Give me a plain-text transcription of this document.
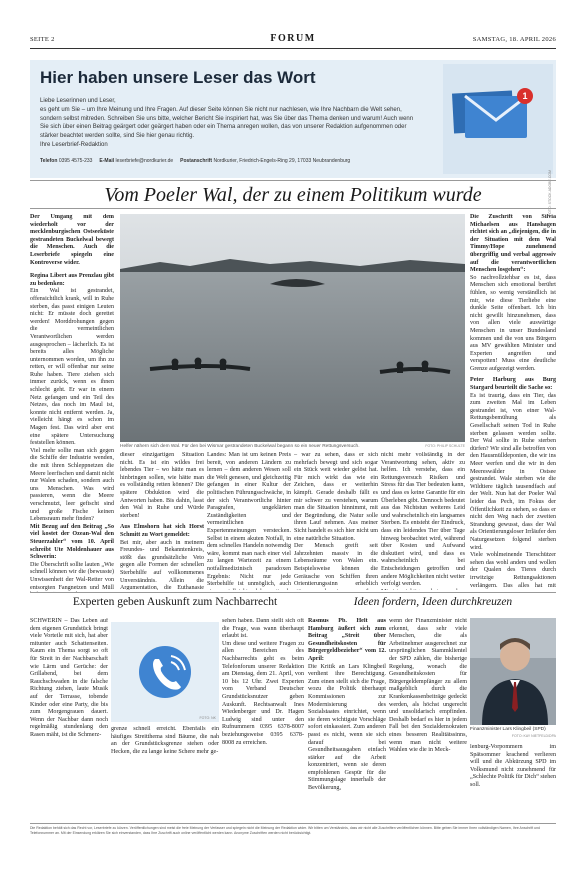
SEITE 2	FORUM	SAMSTAG, 18. APRIL 2026
Hier haben unsere Leser das Wort

Liebe Leserinnen und Leser,

es geht um Sie – um Ihre Meinung und Ihre Fragen. Auf dieser Seite können Sie nicht nur nachlesen, wie Ihre Nachbarn die Welt sehen, sondern selbst mitreden. Schreiben Sie uns bitte, welcher Bericht Sie inspiriert hat, was Sie über das Thema denken und warum! Auch wenn Sie sich über einen Beitrag geärgert oder geärgert haben oder ein Thema anregen wollen, das von unserer Redaktion aufgenommen oder stärker beachtet werden sollte, sind Sie hier genau richtig.

Ihre Leserbrief-Redaktion

Telefon 0395 4575-233 E-Mail leserbriefe@nordkurier.de Postanschrift Nordkurier, Friedrich-Engels-Ring 29, 17033 Neubrandenburg
1
FOTO: STOCK.ADOBE.COM
Vom Poeler Wal, der zu einem Politikum wurde

Der Umgang mit dem wiederholt vor der mecklenburgischen Ostseeküste gestrandeten Buckelwal bewegt die Menschen. Auch die Leserbriefe spiegeln eine Kontroverse wider.

Regina Libert aus Prenzlau gibt zu bedenken:

Ein Wal ist gestrandet, offensichtlich krank, will in Ruhe sterben, das passt einigen Leuten nicht: Er müsste doch gerettet werden! Morddrohungen gegen die vermeintlichen Verantwortlichen werden ausgesprochen – lächerlich. Es ist bereits alles Mögliche unternommen worden, um ihn zu retten, er will offenbar nur seine Ruhe haben. Tiere ziehen sich immer zurück, wenn es ihnen schlecht geht. Er war in einem Netz gefangen und ein Teil des Netzes, das noch im Maul ist, konnte nicht entfernt werden. Ja, vielleicht hängt es schon im Magen fest. Das wird aber erst eine spätere Untersuchung feststellen können.

Viel mehr sollte man sich gegen die Schiffe der Industrie wenden, die mit ihren Schleppnetzen die Meere leerfischen und damit nicht nur Walen schaden, sondern auch uns Menschen. Was wird passieren, wenn die Meere verschmutzt, leer gefischt sind und große Fische keinen Lebensraum mehr finden?

Mit Bezug auf den Beitrag „So viel kostet der Ozean-Wal den Steuerzahler“ vom 10. April schreibt Ute Moldenhauer aus Schwerin:

Die Überschrift sollte lauten „Wie schnell können wir die (bewusste) Unwissenheit der Wal-Retter von entsorgten Fangnetzen und Müll

Helfer nähern sich dem Wal. Für den bei Wismar gestrandeten Buckelwal begann so ein neuer Rettungsversuch.	FOTO: PHILIP SCHULTE

dieser einzigartigen Situation nicht. Es ist ein wildes frei lebendes Tier – wo hätte man es hinbringen sollen, wie hätte man es vollständig retten können? Die spätere Obduktion wird die Antworten haben. Bis dahin, lasst den Wal in Ruhe und Würde sterben!

Aus Elmshorn hat sich Horst Schmitt zu Wort gemeldet:

Bei mir, aber auch in meinem Freundes- und Bekanntenkreis, stößt das grundsätzliche Veto gegen alle Formen der schnellen Sterbehilfe auf vollkommenes Unverständnis. Allein die Argumentation, die Euthanasie

Landes: Man ist um keinen Preis bereit, von anderen Ländern zu lernen – dem anderen Wesen soll die Welt genesen, und gleichzeitig gefangen in einer Kultur der politischen Führungsschwäche, in der sich Verantwortliche hinter Paragrafen, ungeklärten Zuständigkeiten und vermeintlichen Expertenmeinungen verstecken. Selbst in einem akuten Notfall, in dem schnelles Handeln notwendig wäre, kommt man nach einer viel zu langen Wartezeit zu einem notfallmedizinisch paradoxen Ergebnis: Nicht nur jede Sterbehilfe ist unmöglich, auch

– war zu sehen, dass er sich mehrfach bewegt und sich sogar ein Stück weit wieder gelöst hat. Für mich wirkt das wie ein Zeichen, dass er weiterhin kämpft. Gerade deshalb fällt es mir schwer zu verstehen, warum man die Situation hinnimmt, mit der Begründung, die Natur solle ihren Lauf nehmen. Aus meiner Sicht handelt es sich hier nicht um eine natürliche Situation.

Der Mensch greift seit Jahrzehnten massiv in die Lebensräume von Walen ein. Beispielsweise können die Geräusche von Schiffen ihren Orientierungssinn erheblich

nicht mehr vollständig in der Verantwortung sehen, aktiv zu helfen. Ich verstehe, dass ein Rettungsversuch Risiken und Stress für das Tier bedeuten kann, und dass es keine Garantie für ein Überleben gibt. Dennoch bedeutet aus das Nichtstun weiteres Leid und wahrscheinlich ein langsames Sterben. Es entsteht der Eindruck, dass ein leidendes Tier über Tage hinweg beobachtet wird, während über Kosten und Aufwand diskutiert wird, und dass es wahrscheinlich bei Entscheidungen getroffen und andere Möglichkeiten nicht weiter verfolgt werden.

Die Zuschrift von Silvia Michaelsen aus Hanshagen richtet sich an „diejenigen, die in der Situation mit dem Wal Timmy/Hope zunehmend übergriffig und verbal aggressiv auf die verantwortlichen Menschen losgehen“:

So nachvollziehbar es ist, dass Menschen sich emotional berührt fühlen, so wenig verständlich ist mir, wie diese Tierliebe eine dunkle Seite offenbart. Ich bin nicht gewillt hinzunehmen, dass von allen viele auswärtige Menschen in unser Bundesland kommen und die von uns Bürgern aus MV gewählten Minister und Experten angreifen und verspotten! Muss eine deutliche Grenze aufgezeigt werden.

Peter Harburg aus Burg Stargard beurteilt die Sache so:

Es ist traurig, dass ein Tier, das zum zweiten Mal im Leben gestrandet ist, von einer Wal-Rettungsbemühung als Gesellschaft seinen Tod in Ruhe sterben gelassen werden sollte. Der Wal sollte in Ruhe sterben dürfen? Wir sind alle betroffen von den Hausmülldeponien, die wir ins Meer werfen und die wir in den Meereswälder in Ostsee gestrandet. Wale sterben wie die Wildtiere täglich tausendfach auf der Welt. Nun hat der Poeler Wal leider das Pech, im Fokus der Öffentlichkeit zu stehen, so dass er nicht den Weg nach der zweiten Strandung gewusst, dass der Wal als Orientierungsloser Irrläufer den Naturgesetzen folgend sterben wird.

Viele wohlmeinende Tierschützer sehen das wohl anders und wollen der Qualen des Tieres durch irrwitzige Rettungsaktionen verlängern. Das alles hat mit

Experten geben Auskunft zum Nachbarrecht

SCHWERIN – Das Leben auf dem eigenen Grundstück bringt viele Vorteile mit sich, hat aber mitunter auch Schattenseiten. Kaum ein Thema sorgt so oft für Streit in der Nachbarschaft wie Lärm und Gerüche: der Grillabend, bei dem Rauchschwaden in die falsche Richtung ziehen, laute Musik auf der Terrasse, tobende Kinder oder eine Party, die bis zum Morgengrauen dauert. Wenn der Nachbar dann noch regelmäßig stundenlang den Rasen mäht, ist die Schmerz-

FOTO: NK

grenze schnell erreicht. Ebenfalls ein häufiges Streitthema sind Bäume, die nah an der Grundstücksgrenze stehen oder Hecken, die zu lange keine Schere mehr ge-

sehen haben. Dann stellt sich oft die Frage, was wann überhaupt erlaubt ist.

Um diese und weitere Fragen zu allen Bereichen des Nachbarrechts geht es beim Telefonforum unserer Redaktion am Dienstag, dem 21. April, von 10 bis 12 Uhr. Zwei Experten vom Verband Deutscher Grundstücksnutzer geben Auskunft. Rechtsanwalt Ines Wiedenberger und Dr. Hagen Ludwig sind unter den Rufnummern 0395 6378-8007 beziehungsweise 0395 6378-8008 zu erreichen.

Ideen fordern, Ideen durchkreuzen

Rasmus Pb. Helt aus Hamburg äußert sich zum Beitrag „Streit über Gesundheitskosten für Bürgergeldbezieher“ vom 12. April:

Die Kritik an Lars Klingbeil verdient ihre Berechtigung. Zum einen stellt sich die Frage, wozu die Politik überhaupt Kommissionen zur Modernisierung des Sozialstaates einrichtet, wenn sie deren wichtigste Vorschläge sofort einkassiert. Zum anderen passt es nicht, wenn sie sich darauf bei Gesundheitsausgaben einfach stärker auf die Arbeit konzentriert, wenn sie deren empfohlenen Gespür für die Stimmungslage innerhalb der Bevölkerung,

wenn der Finanzminister nicht erkennt, dass sehr viele Menschen, die als Arbeitnehmer ausgerechnet zur ursprünglichen Stammklientel der SPD zählen, die bisherige Regelung, wonach die Gesundheitskosten für Bürgergeldempfänger zu allem maßgeblich durch die Krankenkassenbeiträge gedeckt werden, als höchst ungerecht und unsolidarisch empfinden. Deshalb bedarf es hier in jedem Fall bei den Sozialdemokraten eines besseren Realitätssinns, wenn man nicht weitere Wahlen wie die in Meck-

Finanzminister Lars Klingbeil (SPD)
FOTO: KAY NIETFELD/DPA

lenburg-Vorpommern im Spätsommer krachend verlieren will und die Abkürzung SPD im Volksmund nicht zunehmend für „Schlechte Politik für Dich“ stehen soll.

Die Redaktion behält sich das Recht vor, Leserbriefe zu kürzen. Veröffentlichungen sind meist die freie Meinung der Verfasser und spiegeln nicht die Meinung der Redaktion wider. Wir bitten um Verständnis, dass wir nicht alle Zuschriften veröffentlichen können. Bitte geben Sie immer Ihren vollständigen Namen, Ihre Anschrift und Telefonnummer an. Mit der Einsendung erklären Sie sich einverstanden, dass Ihre Zuschrift auch online veröffentlicht werden kann. Anonyme Zuschriften werden nicht berücksichtigt.
